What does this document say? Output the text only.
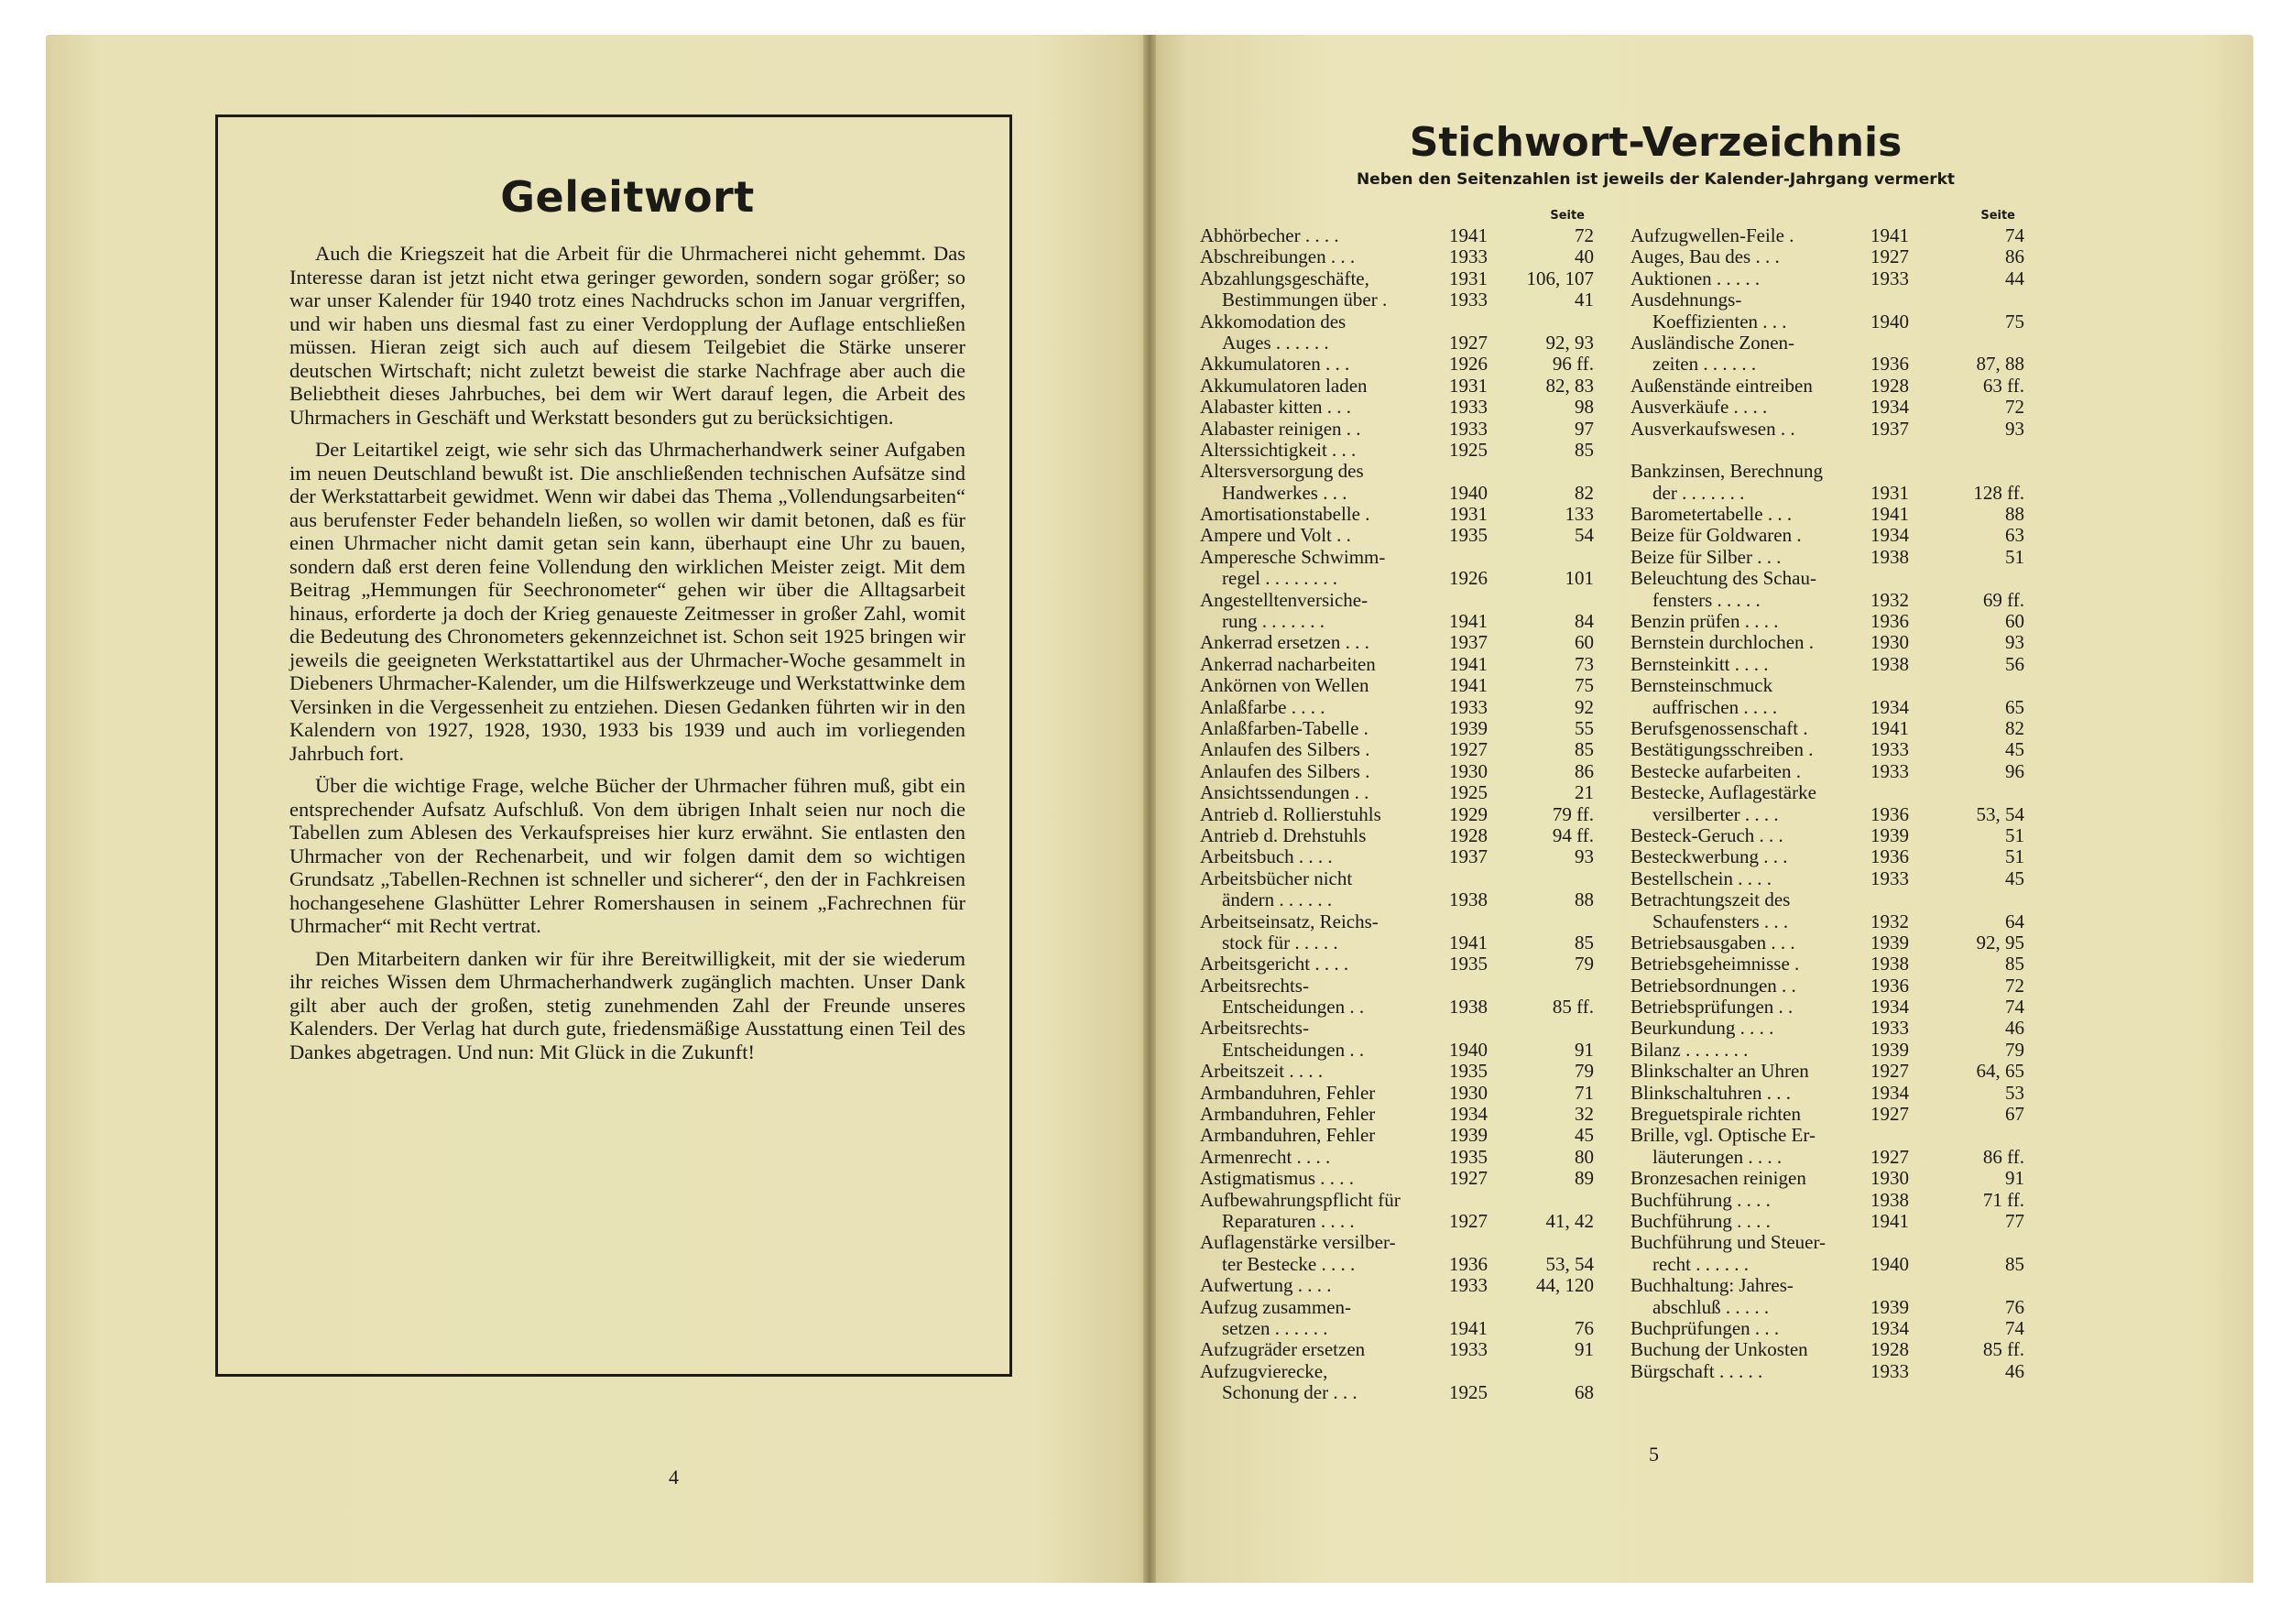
Geleitwort

Auch die Kriegszeit hat die Arbeit für die Uhrmacherei nicht gehemmt. Das Interesse daran ist jetzt nicht etwa geringer geworden, sondern sogar größer; so war unser Kalender für 1940 trotz eines Nachdrucks schon im Januar vergriffen, und wir haben uns diesmal fast zu einer Verdopplung der Auflage entschließen müssen. Hieran zeigt sich auch auf diesem Teilgebiet die Stärke unserer deutschen Wirtschaft; nicht zuletzt beweist die starke Nachfrage aber auch die Beliebtheit dieses Jahrbuches, bei dem wir Wert darauf legen, die Arbeit des Uhrmachers in Geschäft und Werkstatt besonders gut zu berücksichtigen.

Der Leitartikel zeigt, wie sehr sich das Uhrmacherhandwerk seiner Aufgaben im neuen Deutschland bewußt ist. Die anschließenden technischen Aufsätze sind der Werkstattarbeit gewidmet. Wenn wir dabei das Thema „Vollendungsarbeiten“ aus berufenster Feder behandeln ließen, so wollen wir damit betonen, daß es für einen Uhrmacher nicht damit getan sein kann, überhaupt eine Uhr zu bauen, sondern daß erst deren feine Vollendung den wirklichen Meister zeigt. Mit dem Beitrag „Hemmungen für Seechronometer“ gehen wir über die Alltagsarbeit hinaus, erforderte ja doch der Krieg genaueste Zeitmesser in großer Zahl, womit die Bedeutung des Chronometers gekennzeichnet ist. Schon seit 1925 bringen wir jeweils die geeigneten Werkstattartikel aus der Uhrmacher-Woche gesammelt in Diebeners Uhrmacher-Kalender, um die Hilfswerkzeuge und Werkstattwinke dem Versinken in die Vergessenheit zu entziehen. Diesen Gedanken führten wir in den Kalendern von 1927, 1928, 1930, 1933 bis 1939 und auch im vorliegenden Jahrbuch fort.

Über die wichtige Frage, welche Bücher der Uhrmacher führen muß, gibt ein entsprechender Aufsatz Aufschluß. Von dem übrigen Inhalt seien nur noch die Tabellen zum Ablesen des Verkaufspreises hier kurz erwähnt. Sie entlasten den Uhrmacher von der Rechenarbeit, und wir folgen damit dem so wichtigen Grundsatz „Tabellen-Rechnen ist schneller und sicherer“, den der in Fachkreisen hochangesehene Glashütter Lehrer Romershausen in seinem „Fachrechnen für Uhrmacher“ mit Recht vertrat.

Den Mitarbeitern danken wir für ihre Bereitwilligkeit, mit der sie wiederum ihr reiches Wissen dem Uhrmacherhandwerk zugänglich machten. Unser Dank gilt aber auch der großen, stetig zunehmenden Zahl der Freunde unseres Kalenders. Der Verlag hat durch gute, friedensmäßige Ausstattung einen Teil des Dankes abgetragen. Und nun: Mit Glück in die Zukunft!

4
Stichwort-Verzeichnis
Neben den Seitenzahlen ist jeweils der Kalender-Jahrgang vermerkt
Seite
Abhörbecher . . . .	1941	72
Abschreibungen . . .	1933	40
Abzahlungsgeschäfte,	1931 106, 107
Bestimmungen über .	1933	41
Akkomodation des
Auges . . . . . .	1927	92, 93
Akkumulatoren . . .	1926	96 ff.
Akkumulatoren laden	1931	82, 83
Alabaster kitten . . .	1933	98
Alabaster reinigen . .	1933	97
Alterssichtigkeit . . .	1925	85
Altersversorgung des
Handwerkes . . .	1940	82
Amortisationstabelle .	1931	133
Ampere und Volt . .	1935	54
Amperesche Schwimm-
regel . . . . . . . .	1926	101
Angestelltenversiche-
rung . . . . . . .	1941	84
Ankerrad ersetzen . . .	1937	60
Ankerrad nacharbeiten	1941	73
Ankörnen von Wellen	1941	75
Anlaßfarbe . . . .	1933	92
Anlaßfarben-Tabelle .	1939	55
Anlaufen des Silbers .	1927	85
Anlaufen des Silbers .	1930	86
Ansichtssendungen . .	1925	21
Antrieb d. Rollierstuhls	1929	79 ff.
Antrieb d. Drehstuhls	1928	94 ff.
Arbeitsbuch . . . .	1937	93
Arbeitsbücher nicht
ändern . . . . . .	1938	88
Arbeitseinsatz, Reichs-
stock für . . . . .	1941	85
Arbeitsgericht . . . .	1935	79
Arbeitsrechts-
Entscheidungen . .	1938	85 ff.
Arbeitsrechts-
Entscheidungen . .	1940	91
Arbeitszeit . . . .	1935	79
Armbanduhren, Fehler	1930	71
Armbanduhren, Fehler	1934	32
Armbanduhren, Fehler	1939	45
Armenrecht . . . .	1935	80
Astigmatismus . . . .	1927	89
Aufbewahrungspflicht für
Reparaturen . . . .	1927	41, 42
Auflagenstärke versilber-
ter Bestecke . . . .	1936	53, 54
Aufwertung . . . .	1933	44, 120
Aufzug zusammen-
setzen . . . . . .	1941	76
Aufzugräder ersetzen	1933	91
Aufzugvierecke,
Schonung der . . .	1925	68
Seite
Aufzugwellen-Feile .	1941	74
Auges, Bau des . . .	1927	86
Auktionen . . . . .	1933	44
Ausdehnungs-
Koeffizienten . . .	1940	75
Ausländische Zonen-
zeiten . . . . . .	1936	87, 88
Außenstände eintreiben	1928	63 ff.
Ausverkäufe . . . .	1934	72
Ausverkaufswesen . .	1937	93
Bankzinsen, Berechnung
der . . . . . . .	1931	128 ff.
Barometertabelle . . .	1941	88
Beize für Goldwaren .	1934	63
Beize für Silber . . .	1938	51
Beleuchtung des Schau-
fensters . . . . .	1932	69 ff.
Benzin prüfen . . . .	1936	60
Bernstein durchlochen .	1930	93
Bernsteinkitt . . . .	1938	56
Bernsteinschmuck
auffrischen . . . .	1934	65
Berufsgenossenschaft .	1941	82
Bestätigungsschreiben .	1933	45
Bestecke aufarbeiten .	1933	96
Bestecke, Auflagestärke
versilberter . . . .	1936	53, 54
Besteck-Geruch . . .	1939	51
Besteckwerbung . . .	1936	51
Bestellschein . . . .	1933	45
Betrachtungszeit des
Schaufensters . . .	1932	64
Betriebsausgaben . . .	1939	92, 95
Betriebsgeheimnisse .	1938	85
Betriebsordnungen . .	1936	72
Betriebsprüfungen . .	1934	74
Beurkundung . . . .	1933	46
Bilanz . . . . . . .	1939	79
Blinkschalter an Uhren	1927	64, 65
Blinkschaltuhren . . .	1934	53
Breguetspirale richten	1927	67
Brille, vgl. Optische Er-
läuterungen . . . .	1927	86 ff.
Bronzesachen reinigen	1930	91
Buchführung . . . .	1938	71 ff.
Buchführung . . . .	1941	77
Buchführung und Steuer-
recht . . . . . .	1940	85
Buchhaltung: Jahres-
abschluß . . . . .	1939	76
Buchprüfungen . . .	1934	74
Buchung der Unkosten	1928	85 ff.
Bürgschaft . . . . .	1933	46
5
